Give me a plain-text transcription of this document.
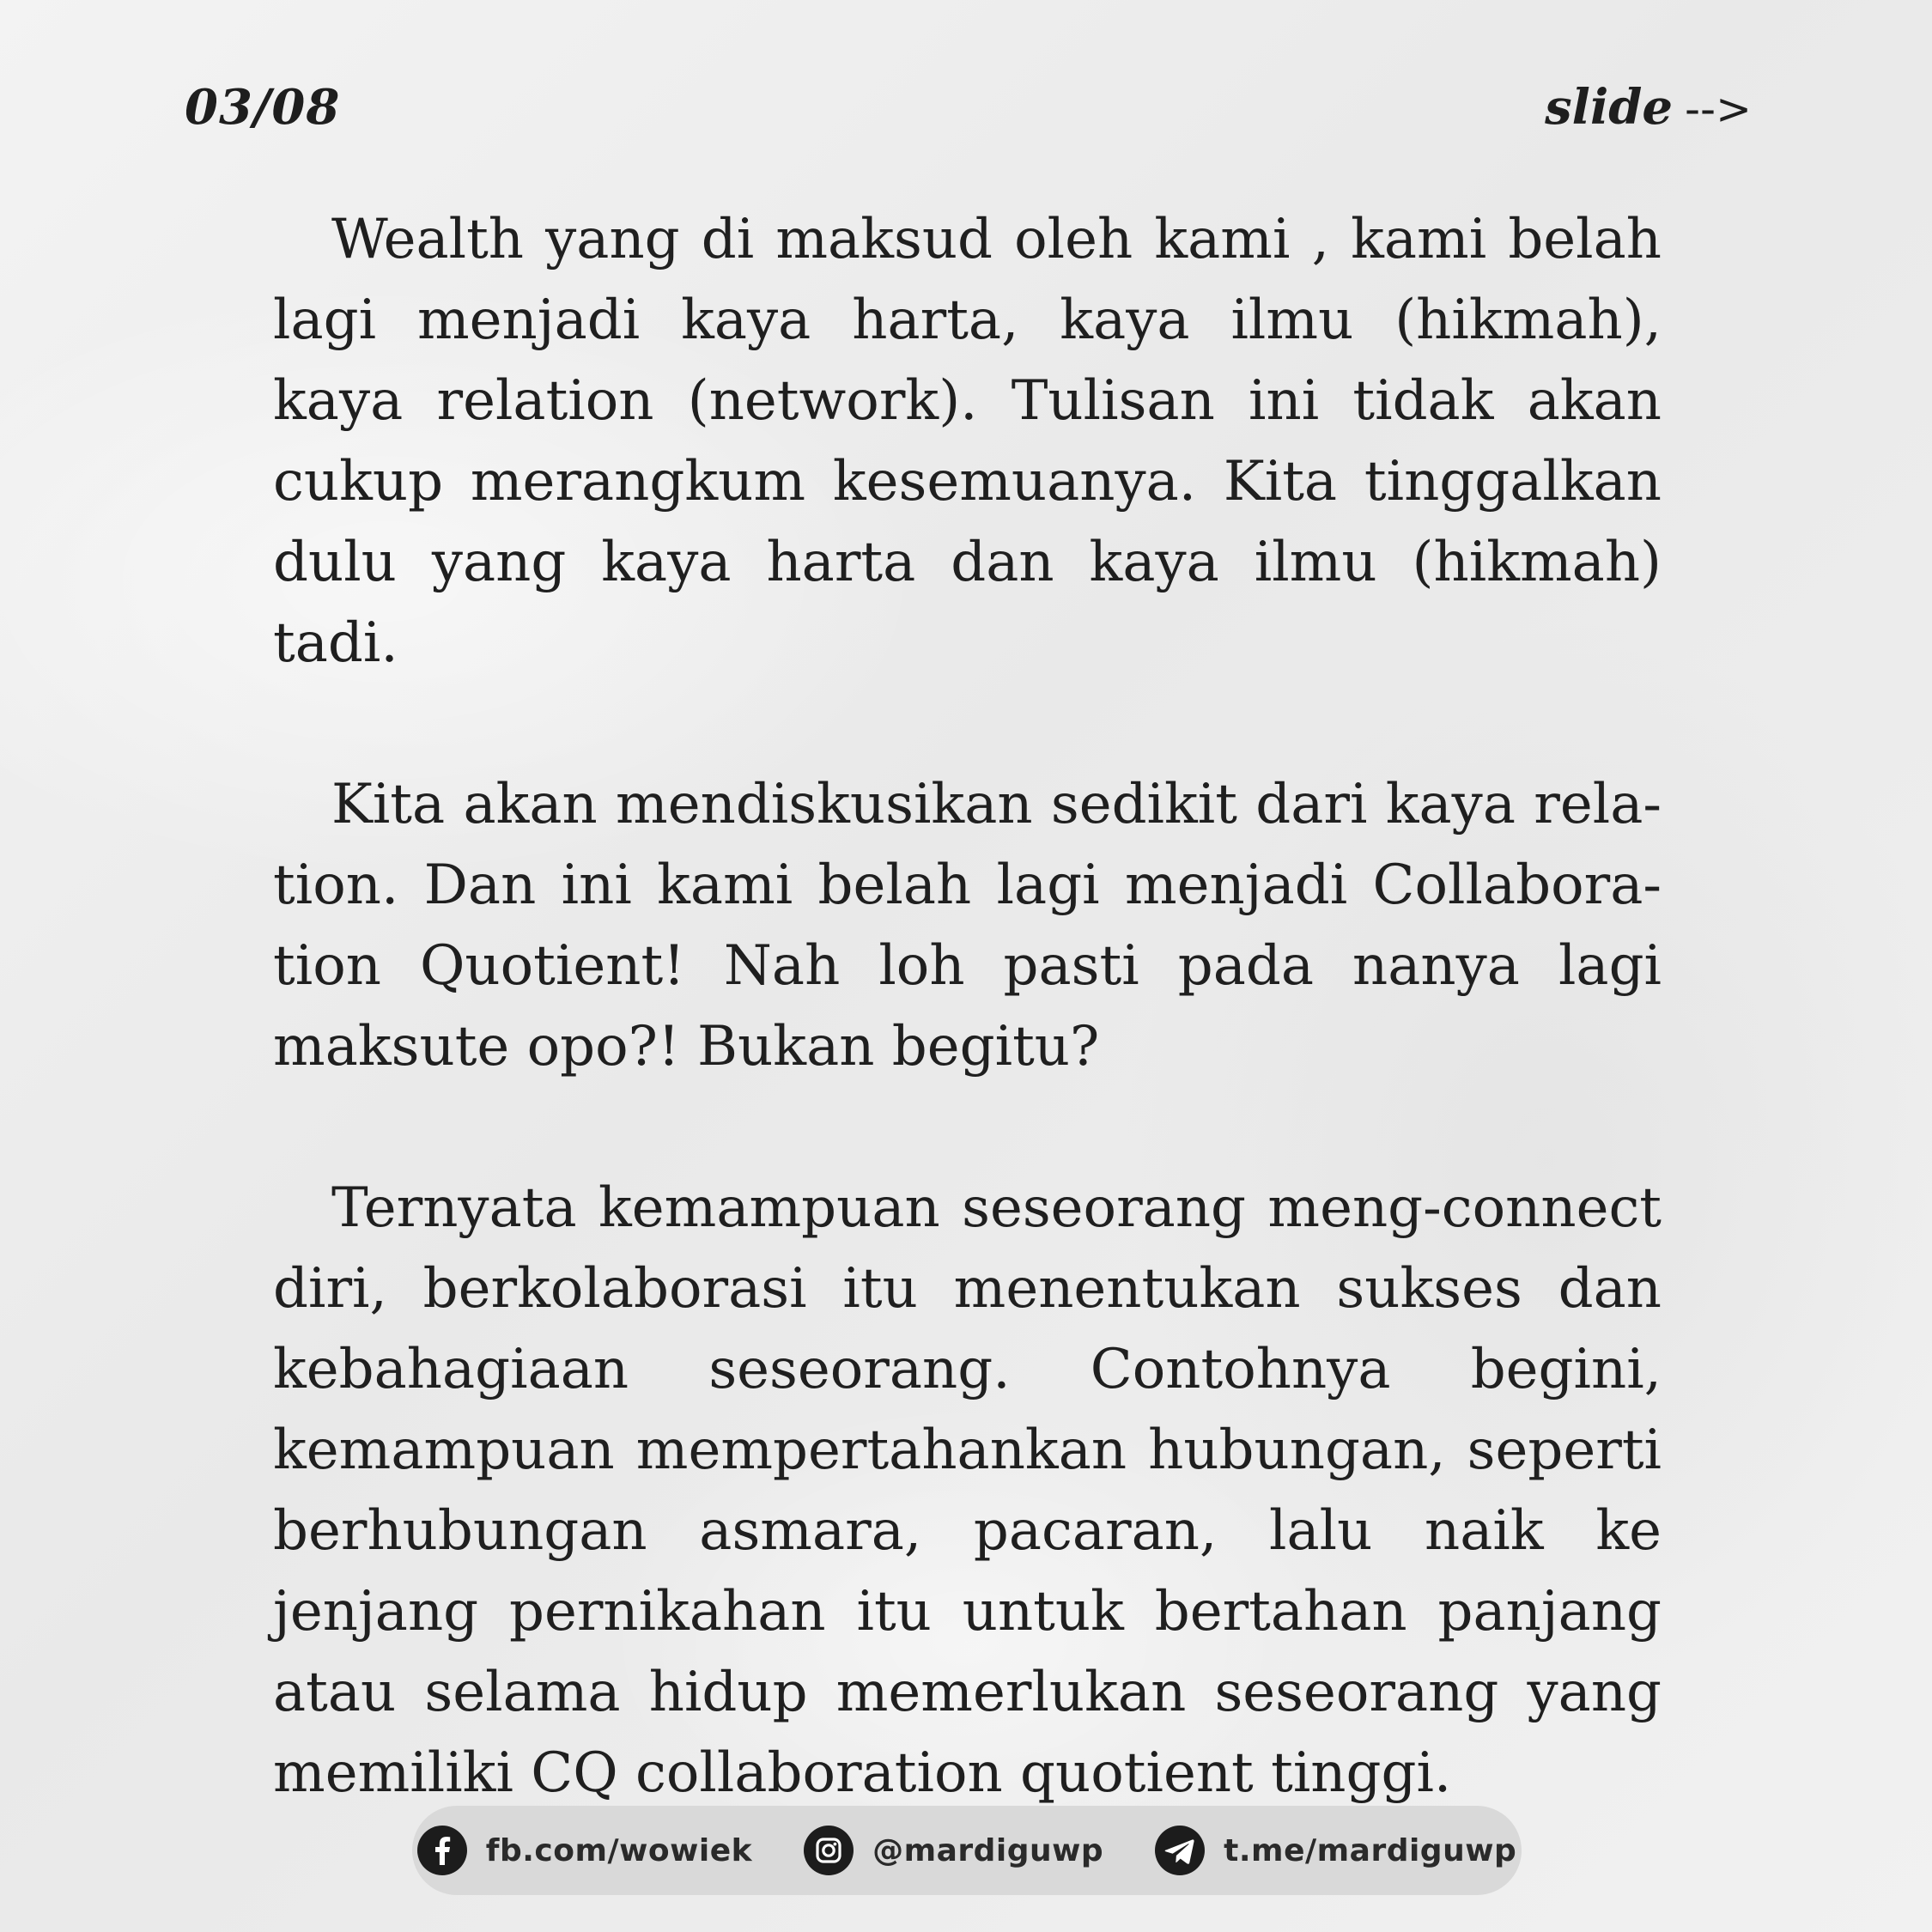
03/08	slide -->

Wealth yang di maksud oleh kami , kami belah lagi menjadi kaya harta, kaya ilmu (hikmah), kaya relation (network). Tulisan ini tidak akan cukup merangkum kesemuanya. Kita tinggalkan dulu yang kaya harta dan kaya ilmu (hikmah) tadi.

Kita akan mendiskusikan sedikit dari kaya relation. Dan ini kami belah lagi menjadi Collaboration Quotient! Nah loh pasti pada nanya lagi maksute opo?! Bukan begitu?

Ternyata kemampuan seseorang meng-connect diri, berkolaborasi itu menentukan sukses dan kebahagiaan seseorang. Contohnya begini, kemampuan mempertahankan hubungan, seperti berhubungan asmara, pacaran, lalu naik ke jenjang pernikahan itu untuk bertahan panjang atau selama hidup memerlukan seseorang yang memiliki CQ collaboration quotient tinggi.

fb.com/wowiek	@mardiguwp	t.me/mardiguwp
